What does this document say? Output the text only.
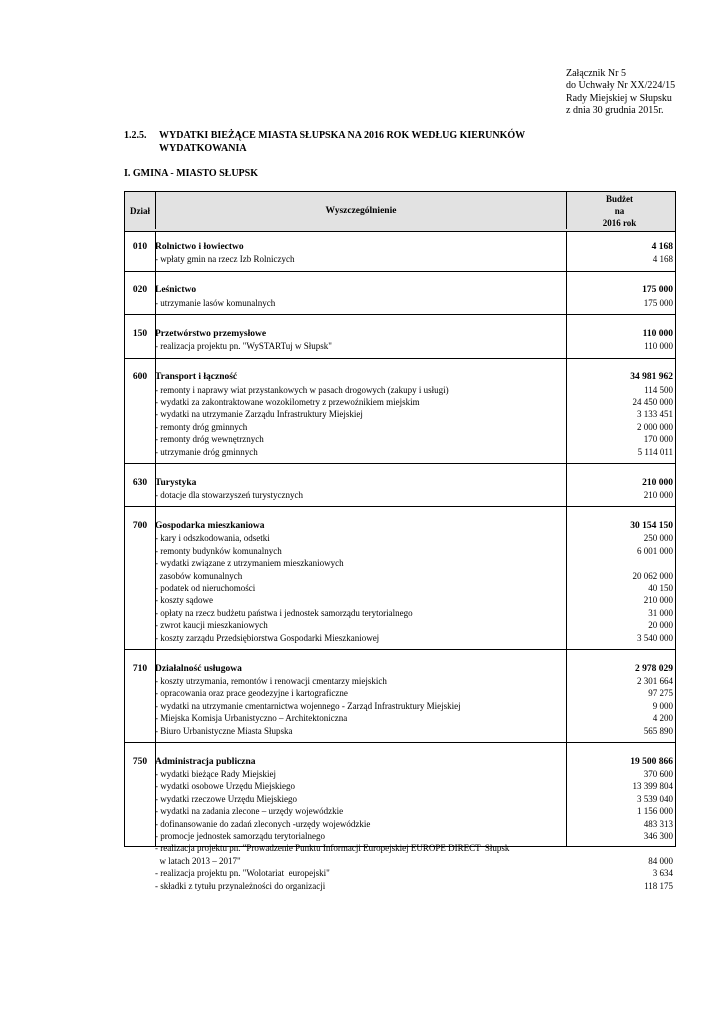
Załącznik Nr 5
do Uchwały Nr XX/224/15
Rady Miejskiej w Słupsku
z dnia 30 grudnia 2015r.
1.2.5. WYDATKI BIEŻĄCE MIASTA SŁUPSKA NA 2016 ROK WEDŁUG KIERUNKÓW
WYDATKOWANIA
I. GMINA - MIASTO SŁUPSK
Dział	Wyszczególnienie
Budżet
na
2016 rok
010 Rolnictwo i łowiectwo	4 168
- wpłaty gmin na rzecz Izb Rolniczych	4 168
020 Leśnictwo	175 000
- utrzymanie lasów komunalnych	175 000
150 Przetwórstwo przemysłowe	110 000
- realizacja projektu pn. "WySTARTuj w Słupsk"	110 000
600 Transport i łączność	34 981 962
- remonty i naprawy wiat przystankowych w pasach drogowych (zakupy i usługi)	114 500
- wydatki za zakontraktowane wozokilometry z przewoźnikiem miejskim	24 450 000
- wydatki na utrzymanie Zarządu Infrastruktury Miejskiej	3 133 451
- remonty dróg gminnych	2 000 000
- remonty dróg wewnętrznych	170 000
- utrzymanie dróg gminnych	5 114 011
630 Turystyka	210 000
- dotacje dla stowarzyszeń turystycznych	210 000
700 Gospodarka mieszkaniowa	30 154 150
- kary i odszkodowania, odsetki	250 000
- remonty budynków komunalnych	6 001 000
- wydatki związane z utrzymaniem mieszkaniowych
zasobów komunalnych	20 062 000
- podatek od nieruchomości	40 150
- koszty sądowe	210 000
- opłaty na rzecz budżetu państwa i jednostek samorządu terytorialnego	31 000
- zwrot kaucji mieszkaniowych	20 000
- koszty zarządu Przedsiębiorstwa Gospodarki Mieszkaniowej	3 540 000
710 Działalność usługowa	2 978 029
- koszty utrzymania, remontów i renowacji cmentarzy miejskich	2 301 664
- opracowania oraz prace geodezyjne i kartograficzne	97 275
- wydatki na utrzymanie cmentarnictwa wojennego - Zarząd Infrastruktury Miejskiej	9 000
- Miejska Komisja Urbanistyczno – Architektoniczna	4 200
- Biuro Urbanistyczne Miasta Słupska	565 890
750 Administracja publiczna	19 500 866
- wydatki bieżące Rady Miejskiej	370 600
- wydatki osobowe Urzędu Miejskiego	13 399 804
- wydatki rzeczowe Urzędu Miejskiego	3 539 040
- wydatki na zadania zlecone – urzędy wojewódzkie	1 156 000
- dofinansowanie do zadań zleconych -urzędy wojewódzkie	483 313
- promocje jednostek samorządu terytorialnego	346 300
- realizacja projektu pn. "Prowadzenie Punktu Informacji Europejskiej EUROPE DIRECT  Słupsk
w latach 2013 – 2017"	84 000
- realizacja projektu pn. "Wolotariat  europejski"	3 634
- składki z tytułu przynależności do organizacji	118 175
